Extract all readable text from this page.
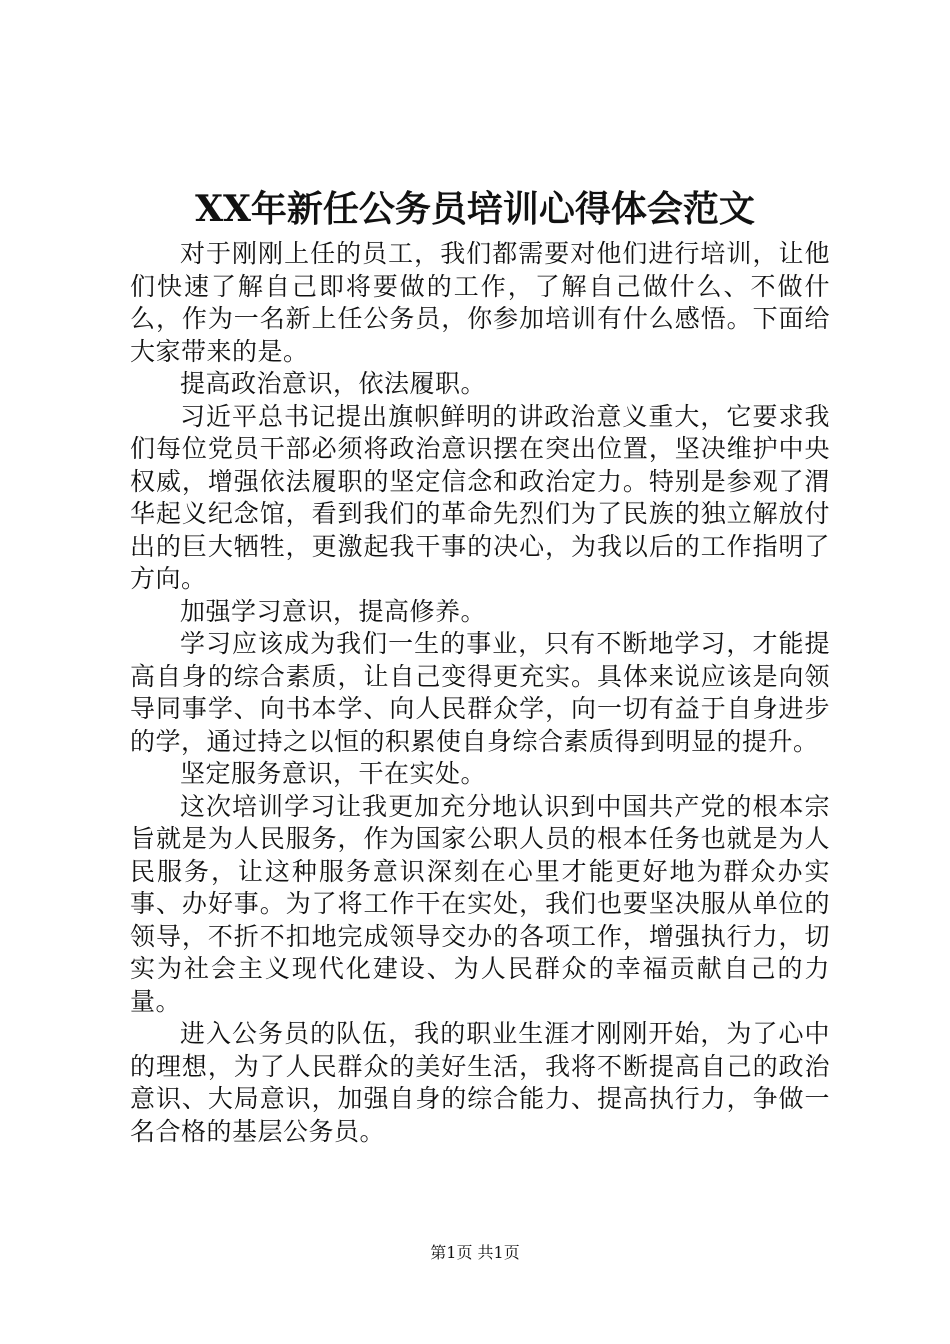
XX年新任公务员培训心得体会范文

对于刚刚上任的员工，我们都需要对他们进行培训，让他们快速了解自己即将要做的工作，了解自己做什么、不做什么，作为一名新上任公务员，你参加培训有什么感悟。下面给大家带来的是。

提高政治意识，依法履职。

习近平总书记提出旗帜鲜明的讲政治意义重大，它要求我们每位党员干部必须将政治意识摆在突出位置，坚决维护中央权威，增强依法履职的坚定信念和政治定力。特别是参观了渭华起义纪念馆，看到我们的革命先烈们为了民族的独立解放付出的巨大牺牲，更激起我干事的决心，为我以后的工作指明了方向。

加强学习意识，提高修养。

学习应该成为我们一生的事业，只有不断地学习，才能提高自身的综合素质，让自己变得更充实。具体来说应该是向领导同事学、向书本学、向人民群众学，向一切有益于自身进步的学，通过持之以恒的积累使自身综合素质得到明显的提升。

坚定服务意识，干在实处。

这次培训学习让我更加充分地认识到中国共产党的根本宗旨就是为人民服务，作为国家公职人员的根本任务也就是为人民服务，让这种服务意识深刻在心里才能更好地为群众办实事、办好事。为了将工作干在实处，我们也要坚决服从单位的领导，不折不扣地完成领导交办的各项工作，增强执行力，切实为社会主义现代化建设、为人民群众的幸福贡献自己的力量。

进入公务员的队伍，我的职业生涯才刚刚开始，为了心中的理想，为了人民群众的美好生活，我将不断提高自己的政治意识、大局意识，加强自身的综合能力、提高执行力，争做一名合格的基层公务员。

第1页 共1页
